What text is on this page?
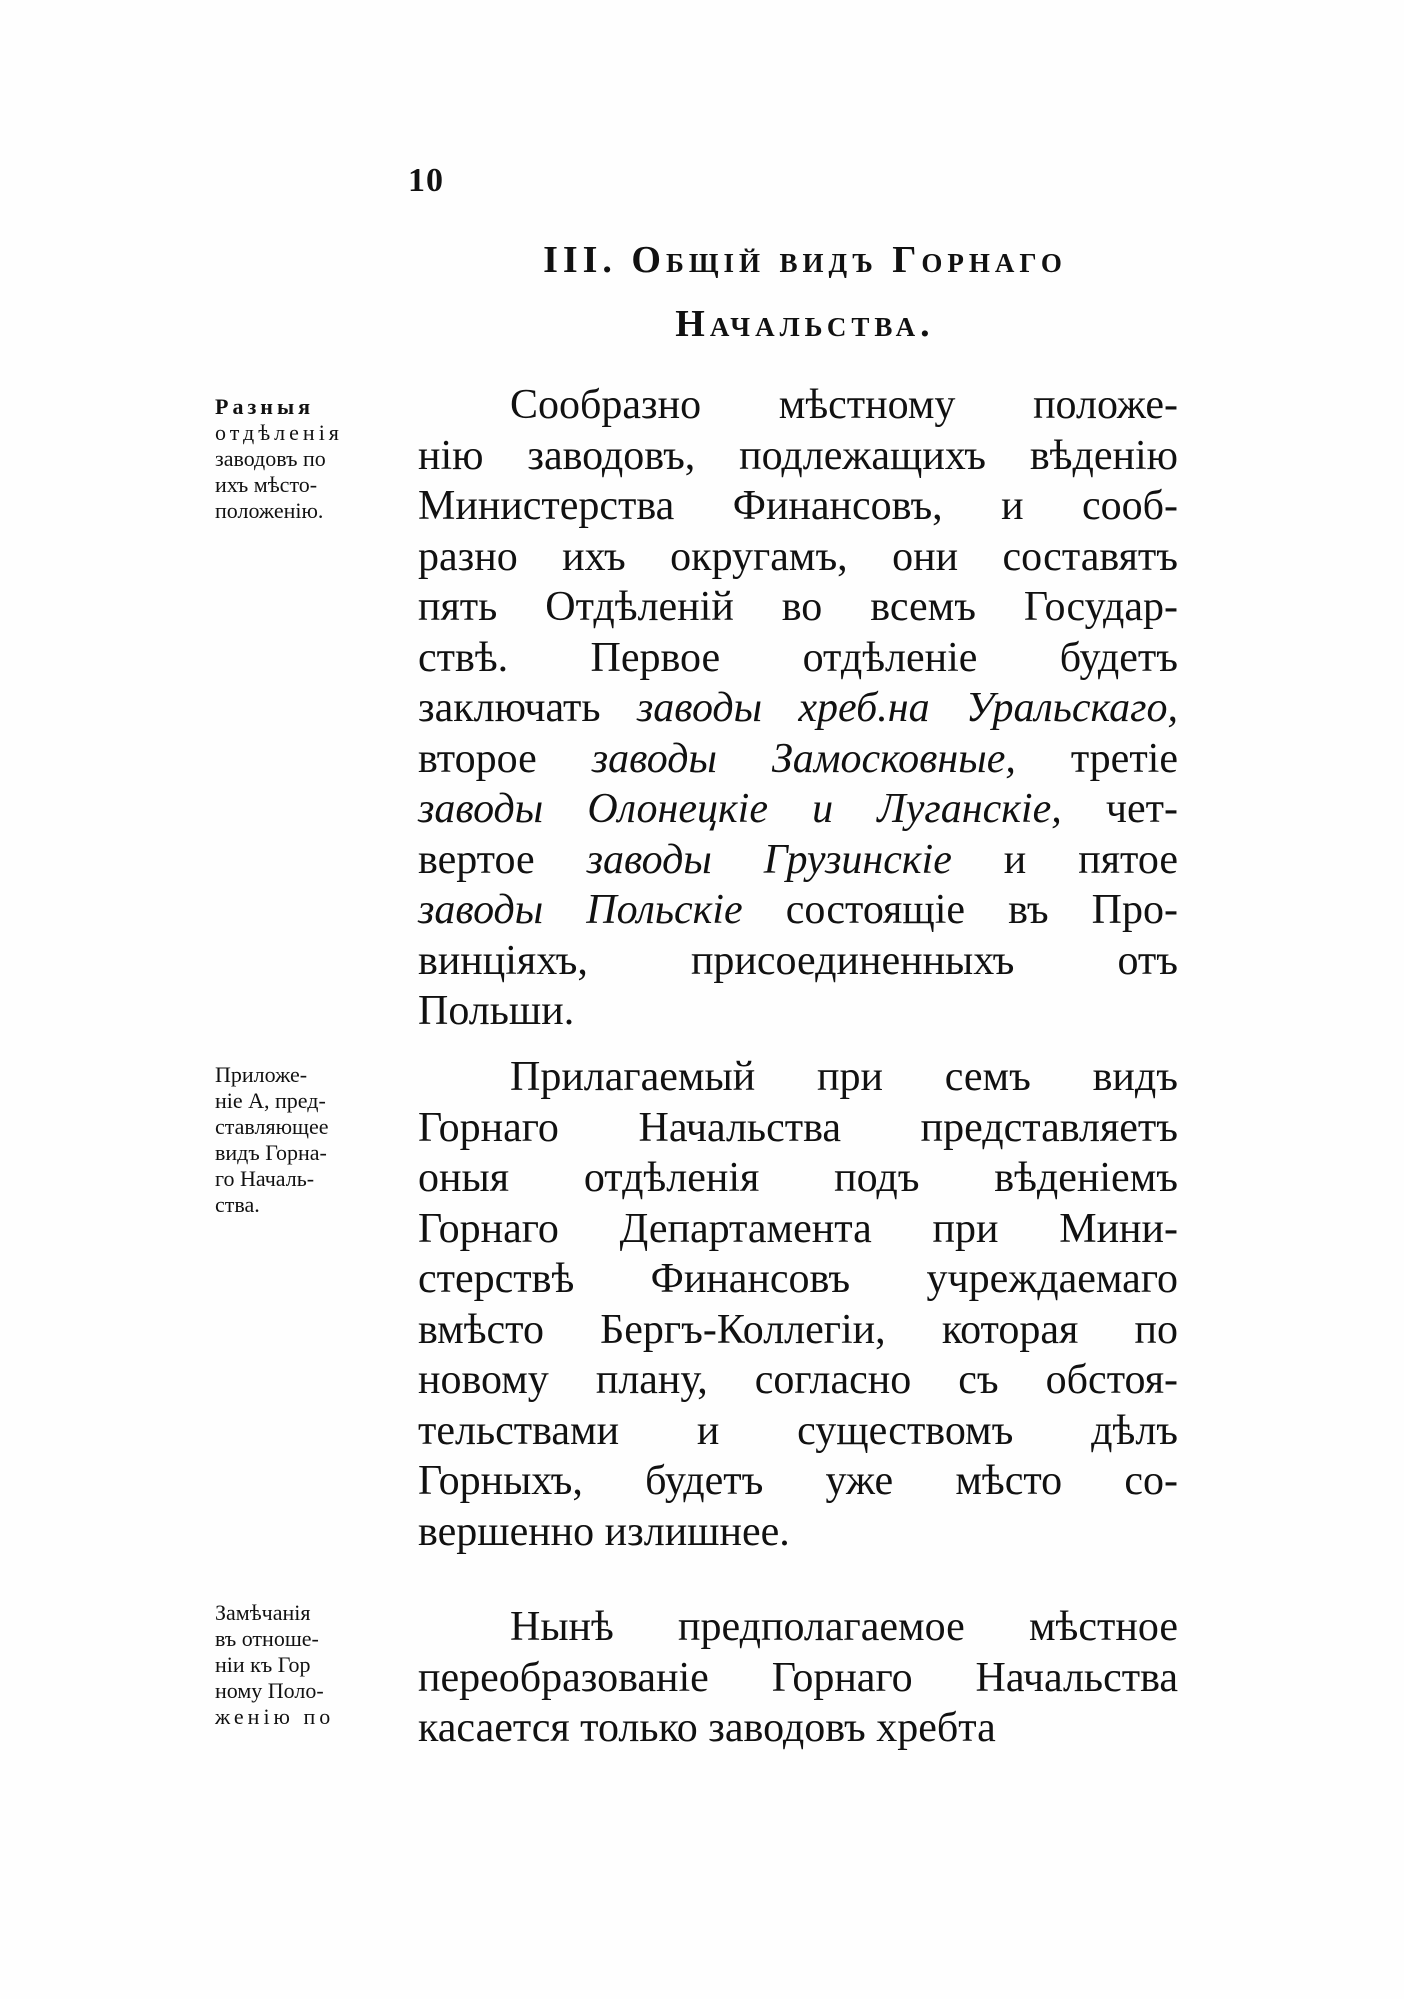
10
III. Общій видъ Горнаго
Начальства.
Разныя
отдѣленія
заводовъ по
ихъ мѣсто-
положенію.
Сообразно мѣстному положе-
нію заводовъ, подлежащихъ вѣденію
Министерства Финансовъ, и сооб-
разно ихъ округамъ, они составятъ
пять Отдѣленій во всемъ Государ-
ствѣ. Первое отдѣленіе будетъ
заключать заводы хреб.на Уральскаго,
второе заводы Замосковные, третіе
заводы Олонецкіе и Луганскіе, чет-
вертое заводы Грузинскіе и пятое
заводы Польскіе состоящіе въ Про-
винціяхъ, присоединенныхъ отъ
Польши.
Приложе-
ніе А, пред-
ставляющее
видъ Горна-
го Началь-
ства.
Прилагаемый при семъ видъ
Горнаго Начальства представляетъ
оныя отдѣленія подъ вѣденіемъ
Горнаго Департамента при Мини-
стерствѣ Финансовъ учреждаемаго
вмѣсто Бергъ-Коллегіи, которая по
новому плану, согласно съ обстоя-
тельствами и существомъ дѣлъ
Горныхъ, будетъ уже мѣсто со-
вершенно излишнее.
Замѣчанія
въ отноше-
ніи къ Гор
ному Поло-
женію по
Нынѣ предполагаемое мѣстное
переобразованіе Горнаго Начальства
касается только заводовъ хребта
